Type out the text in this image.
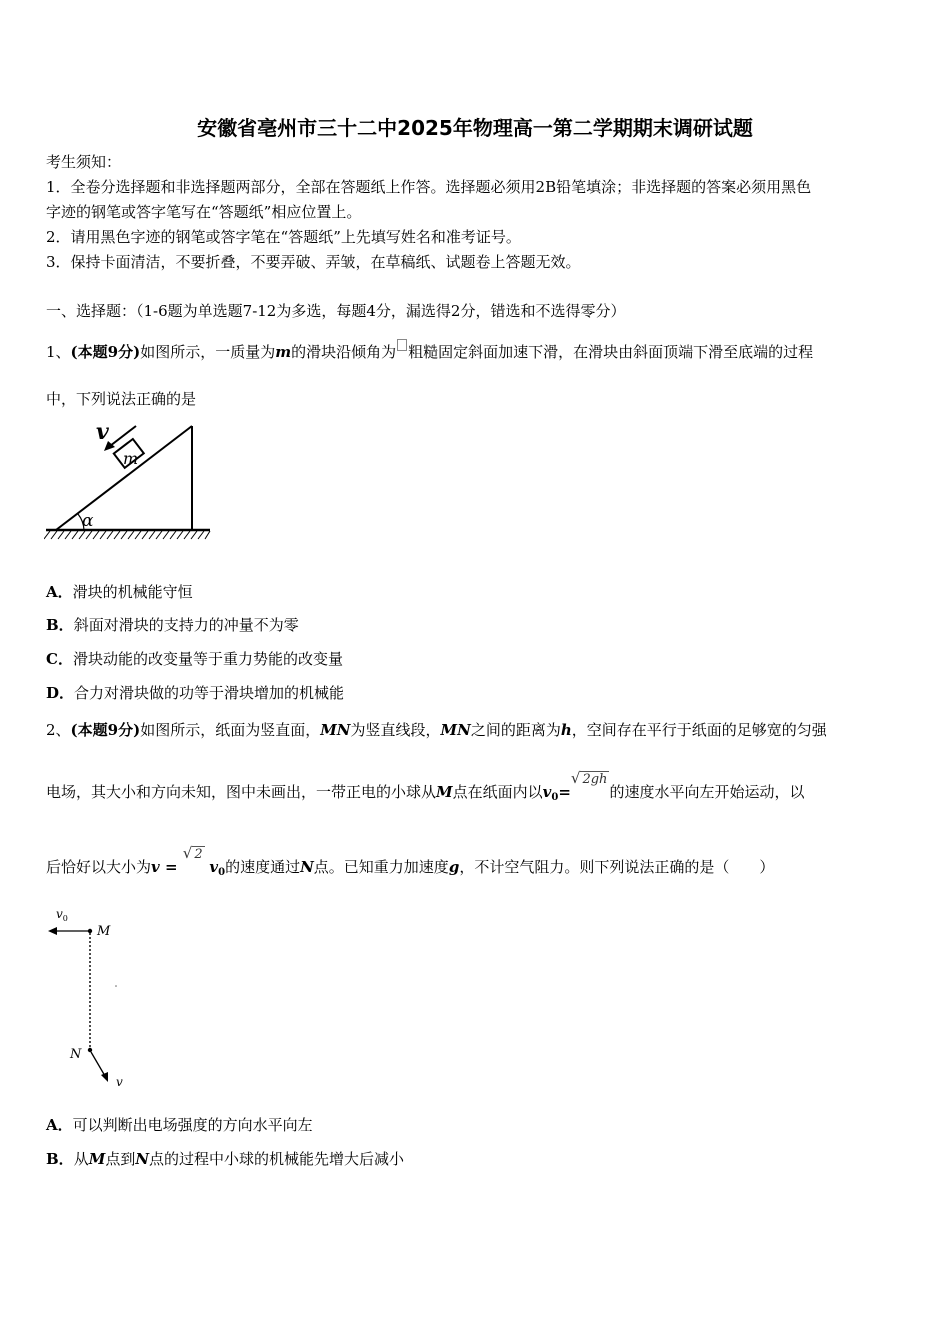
安徽省亳州市三十二中2025年物理高一第二学期期末调研试题
考生须知：
1．全卷分选择题和非选择题两部分，全部在答题纸上作答。选择题必须用2B铅笔填涂；非选择题的答案必须用黑色
字迹的钢笔或答字笔写在“答题纸”相应位置上。
2．请用黑色字迹的钢笔或答字笔在“答题纸”上先填写姓名和准考证号。
3．保持卡面清洁，不要折叠，不要弄破、弄皱，在草稿纸、试题卷上答题无效。
一、选择题：（1-6题为单选题7-12为多选，每题4分，漏选得2分，错选和不选得零分）
1、(本题9分)如图所示，一质量为m的滑块沿倾角为 粗糙固定斜面加速下滑，在滑块由斜面顶端下滑至底端的过程
中，下列说法正确的是
α
m
v
A．滑块的机械能守恒
B．斜面对滑块的支持力的冲量不为零
C．滑块动能的改变量等于重力势能的改变量
D．合力对滑块做的功等于滑块增加的机械能
2、(本题9分)如图所示，纸面为竖直面，MN为竖直线段，MN之间的距离为h，空间存在平行于纸面的足够宽的匀强
电场，其大小和方向未知，图中未画出，一带正电的小球从M点在纸面内以$v_0=√$ 2gh的速度水平向左开始运动，以
后恰好以大小为v = √ 2 $v_0$的速度通过N点。已知重力加速度g，不计空气阻力。则下列说法正确的是（　　）
$v_0$
M
N
v
A．可以判断出电场强度的方向水平向左
B．从M点到N点的过程中小球的机械能先增大后减小
